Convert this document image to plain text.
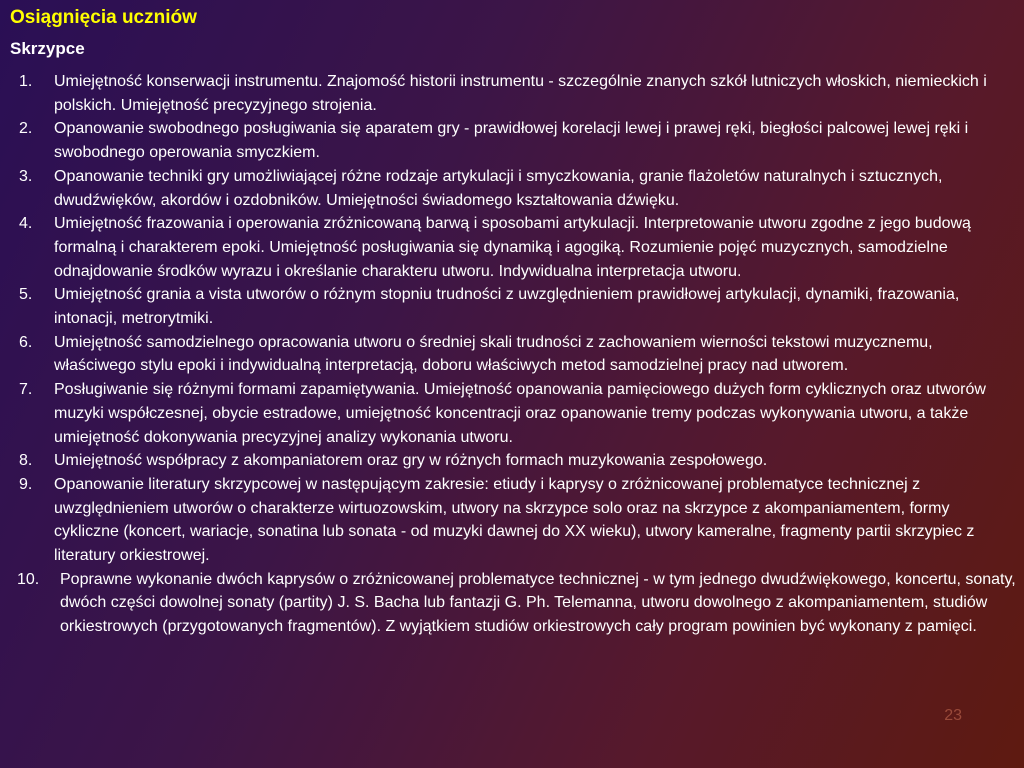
Osiągnięcia uczniów
Skrzypce
1. Umiejętność konserwacji instrumentu. Znajomość historii instrumentu - szczególnie znanych szkół lutniczych włoskich, niemieckich i polskich. Umiejętność precyzyjnego strojenia.
2. Opanowanie swobodnego posługiwania się aparatem gry - prawidłowej korelacji lewej i prawej ręki, biegłości palcowej lewej ręki i swobodnego operowania smyczkiem.
3. Opanowanie techniki gry umożliwiającej różne rodzaje artykulacji i smyczkowania, granie flażoletów naturalnych i sztucznych, dwudźwięków, akordów i ozdobników. Umiejętności świadomego kształtowania dźwięku.
4. Umiejętność frazowania i operowania zróżnicowaną barwą i sposobami artykulacji. Interpretowanie utworu zgodne z jego budową formalną i charakterem epoki. Umiejętność posługiwania się dynamiką i agogiką. Rozumienie pojęć muzycznych, samodzielne odnajdowanie środków wyrazu i określanie charakteru utworu. Indywidualna interpretacja utworu.
5. Umiejętność grania a vista utworów o różnym stopniu trudności z uwzględnieniem prawidłowej artykulacji, dynamiki, frazowania, intonacji, metrorytmiki.
6. Umiejętność samodzielnego opracowania utworu o średniej skali trudności z zachowaniem wierności tekstowi muzycznemu, właściwego stylu epoki i indywidualną interpretacją, doboru właściwych metod samodzielnej pracy nad utworem.
7. Posługiwanie się różnymi formami zapamiętywania. Umiejętność opanowania pamięciowego dużych form cyklicznych oraz utworów muzyki współczesnej, obycie estradowe, umiejętność koncentracji oraz opanowanie tremy podczas wykonywania utworu, a także umiejętność dokonywania precyzyjnej analizy wykonania utworu.
8. Umiejętność współpracy z akompaniatorem oraz gry w różnych formach muzykowania zespołowego.
9. Opanowanie literatury skrzypcowej w następującym zakresie: etiudy i kaprysy o zróżnicowanej problematyce technicznej z uwzględnieniem utworów o charakterze wirtuozowskim, utwory na skrzypce solo oraz na skrzypce z akompaniamentem, formy cykliczne (koncert, wariacje, sonatina lub sonata - od muzyki dawnej do XX wieku), utwory kameralne, fragmenty partii skrzypiec z literatury orkiestrowej.
10. Poprawne wykonanie dwóch kaprysów o zróżnicowanej problematyce technicznej - w tym jednego dwudźwiękowego, koncertu, sonaty, dwóch części dowolnej sonaty (partity) J. S. Bacha lub fantazji G. Ph. Telemanna, utworu dowolnego z akompaniamentem, studiów orkiestrowych (przygotowanych fragmentów). Z wyjątkiem studiów orkiestrowych cały program powinien być wykonany z pamięci.
23
